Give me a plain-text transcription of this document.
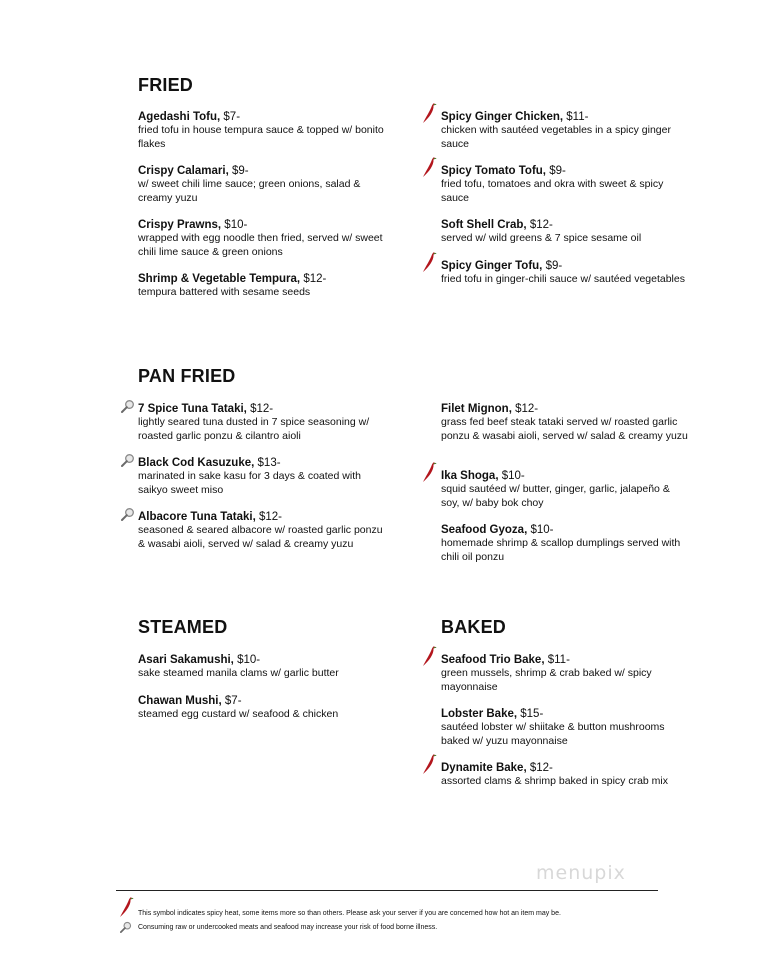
FRIED
Agedashi Tofu, $7-
fried tofu in house tempura sauce & topped w/ bonito flakes
Crispy Calamari, $9-
w/ sweet chili lime sauce; green onions, salad & creamy yuzu
Crispy Prawns, $10-
wrapped with egg noodle then fried, served w/ sweet chili lime sauce & green onions
Shrimp & Vegetable Tempura, $12-
tempura battered with sesame seeds
Spicy Ginger Chicken, $11-
chicken with sautéed vegetables in a spicy ginger sauce
Spicy Tomato Tofu, $9-
fried tofu, tomatoes and okra with sweet & spicy sauce
Soft Shell Crab, $12-
served w/ wild greens & 7 spice sesame oil
Spicy Ginger Tofu, $9-
fried tofu in ginger-chili sauce w/ sautéed vegetables
PAN FRIED
7 Spice Tuna Tataki, $12-
lightly seared tuna dusted in 7 spice seasoning w/ roasted garlic ponzu & cilantro aioli
Black Cod Kasuzuke, $13-
marinated in sake kasu for 3 days & coated with saikyo sweet miso
Albacore Tuna Tataki, $12-
seasoned & seared albacore w/ roasted garlic ponzu & wasabi aioli, served w/ salad & creamy yuzu
Filet Mignon, $12-
grass fed beef steak tataki served w/ roasted garlic ponzu & wasabi aioli, served w/ salad & creamy yuzu
Ika Shoga, $10-
squid sautéed w/ butter, ginger, garlic, jalapeño & soy, w/ baby bok choy
Seafood Gyoza, $10-
homemade shrimp & scallop dumplings served with chili oil ponzu
STEAMED
Asari Sakamushi, $10-
sake steamed manila clams w/ garlic butter
Chawan Mushi, $7-
steamed egg custard w/ seafood & chicken
BAKED
Seafood Trio Bake, $11-
green mussels, shrimp & crab baked w/ spicy mayonnaise
Lobster Bake, $15-
sautéed lobster w/ shiitake & button mushrooms baked w/ yuzu mayonnaise
Dynamite Bake, $12-
assorted clams & shrimp baked in spicy crab mix
menupix
This symbol indicates spicy heat, some items more so than others. Please ask your server if you are concerned how hot an item may be.
Consuming raw or undercooked meats and seafood may increase your risk of food borne illness.
